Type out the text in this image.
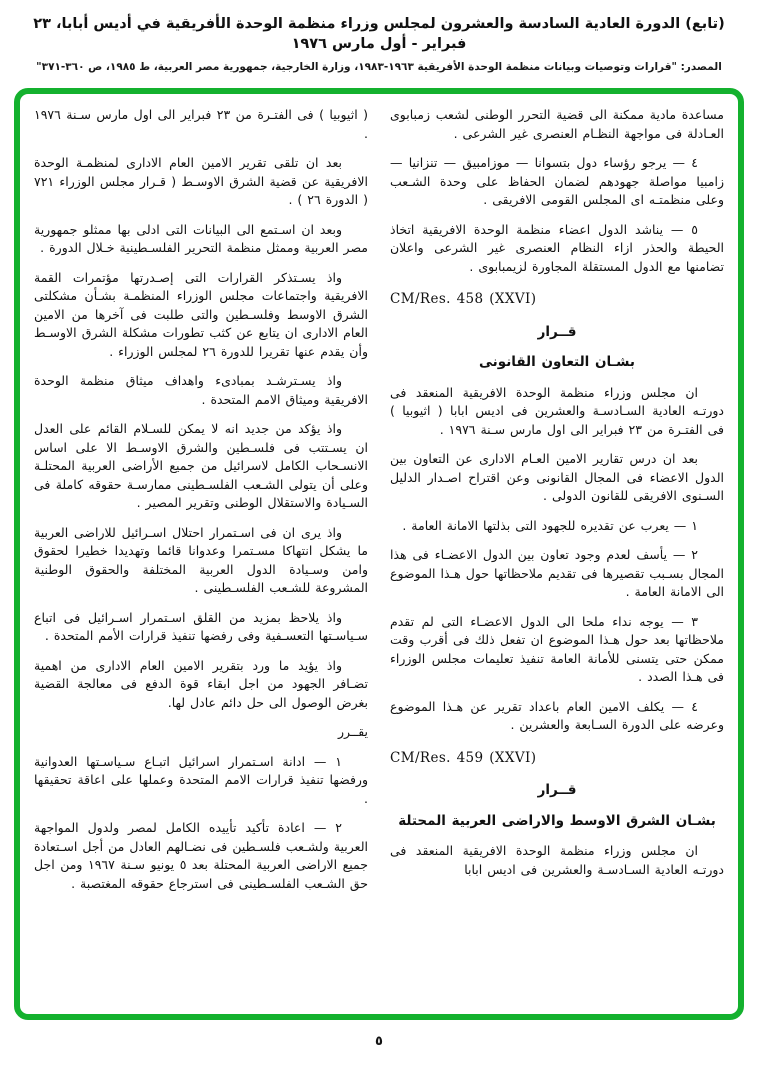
(تابع) الدورة العادية السادسة والعشرون لمجلس وزراء منظمة الوحدة الأفريقية في أديس أبابا، ٢٣ فبراير - أول مارس ١٩٧٦
المصدر: "قرارات وتوصيات وبيانات منظمة الوحدة الأفريقية ١٩٦٣-١٩٨٣، وزارة الخارجية، جمهورية مصر العربية، ط ١٩٨٥، ص ٣٦٠-٣٧١"

مساعدة مادية ممكنة الى قضية التحرر الوطنى لشعب زمبابوى العـادلة فى مواجهة النظـام العنصرى غير الشرعى .

٤ — يرجو رؤساء دول بتسوانا — موزامبيق — تنزانيا — زامبيا مواصلة جهودهم لضمان الحفاظ على وحدة الشـعب وعلى منظمتـه اى المجلس القومى الافريقى .

٥ — يناشد الدول اعضاء منظمة الوحدة الافريقية اتخاذ الحيطة والحذر ازاء النظام العنصرى غير الشرعى واعلان تضامنها مع الدول المستقلة المجاورة لزيمبابوى .

CM/Res. 458 (XXVI)

قــرار

بشـان التعاون القانونى

ان مجلس وزراء منظمة الوحدة الافريقية المنعقد فى دورتـه العادية السـادسـة والعشرين فى اديس ابابا ( اثيوبيا ) فى الفتـرة من ٢٣ فبراير الى اول مارس سـنة ١٩٧٦ .

بعد ان درس تقارير الامين العـام الادارى عن التعاون بين الدول الاعضاء فى المجال القانونى وعن اقتراح اصـدار الدليل السـنوى الافريقى للقانون الدولى .

١ — يعرب عن تقديره للجهود التى بذلتها الامانة العامة .

٢ — يأسف لعدم وجود تعاون بين الدول الاعضـاء فى هذا المجال بسـبب تقصيرها فى تقديم ملاحظاتها حول هـذا الموضوع الى الامانة العامة .

٣ — يوجه نداء ملحا الى الدول الاعضـاء التى لم تقدم ملاحظاتها بعد حول هـذا الموضوع ان تفعل ذلك فى أقرب وقت ممكن حتى يتسنى للأمانة العامة تنفيذ تعليمات مجلس الوزراء فى هـذا الصدد .

٤ — يكلف الامين العام باعداد تقرير عن هـذا الموضوع وعرضه على الدورة السـابعة والعشرين .

CM/Res. 459 (XXVI)

قــرار

بشـان الشرق الاوسط والاراضى العربية المحتلة

ان مجلس وزراء منظمة الوحدة الافريقية المنعقد فى دورتـه العادية السـادسـة والعشرين فى اديس ابابا

( اثيوبيا ) فى الفتـرة من ٢٣ فبراير الى اول مارس سـنة ١٩٧٦ .

بعد ان تلقى تقرير الامين العام الادارى لمنظمـة الوحدة الافريقية عن قضية الشرق الاوسـط ( قـرار مجلس الوزراء ٧٢١ ( الدورة ٢٦ ) .

وبعد ان اسـتمع الى البيانات التى ادلى بها ممثلو جمهورية مصر العربية وممثل منظمة التحرير الفلسـطينية خـلال الدورة .

واذ يسـتذكر القرارات التى إصـدرتها مؤتمرات القمة الافريقية واجتماعات مجلس الوزراء المنظمـة بشـأن مشكلتى الشرق الاوسط وفلسـطين والتى طلبت فى آخرها من الامين العام الادارى ان يتابع عن كثب تطورات مشكلة الشرق الاوسـط وأن يقدم عنها تقريرا للدورة ٢٦ لمجلس الوزراء .

واذ يسـترشـد بمبادىء واهداف ميثاق منظمة الوحدة الافريقية وميثاق الامم المتحدة .

واذ يؤكد من جديد انه لا يمكن للسـلام القائم على العدل ان يسـتتب فى فلسـطين والشرق الاوسـط الا على اساس الانسـحاب الكامل لاسرائيل من جميع الأراضى العربية المحتلـة وعلى أن يتولى الشـعب الفلسـطينى ممارسـة حقوقه كاملة فى السـيادة والاستقلال الوطنى وتقرير المصير .

واذ يرى ان فى اسـتمرار احتلال اسـرائيل للاراضى العربية ما يشكل انتهاكا مسـتمرا وعدوانا قائما وتهديدا خطيرا لحقوق وامن وسـيادة الدول العربية المختلفة والحقوق الوطنية المشروعة للشـعب الفلسـطينى .

واذ يلاحظ بمزيد من القلق اسـتمرار اسـرائيل فى اتباع سـياسـتها التعسـفية وفى رفضها تنفيذ قرارات الأمم المتحدة .

واذ يؤيد ما ورد بتقرير الامين العام الادارى من اهمية تضـافر الجهود من اجل ابقاء قوة الدفع فى معالجة القضية بغرض الوصول الى حل دائم عادل لها.

يقــرر

١ — ادانة اسـتمرار اسرائيل اتبـاع سـياسـتها العدوانية ورفضها تنفيذ قرارات الامم المتحدة وعملها على اعاقة تحقيقها .

٢ — اعادة تأكيد تأييده الكامل لمصر ولدول المواجهة العربية ولشـعب فلسـطين فى نضـالهم العادل من أجل اسـتعادة جميع الاراضى العربية المحتلة بعد ٥ يونيو سـنة ١٩٦٧ ومن اجل حق الشـعب الفلسـطينى فى استرجاع حقوقه المغتصبة .

٥
